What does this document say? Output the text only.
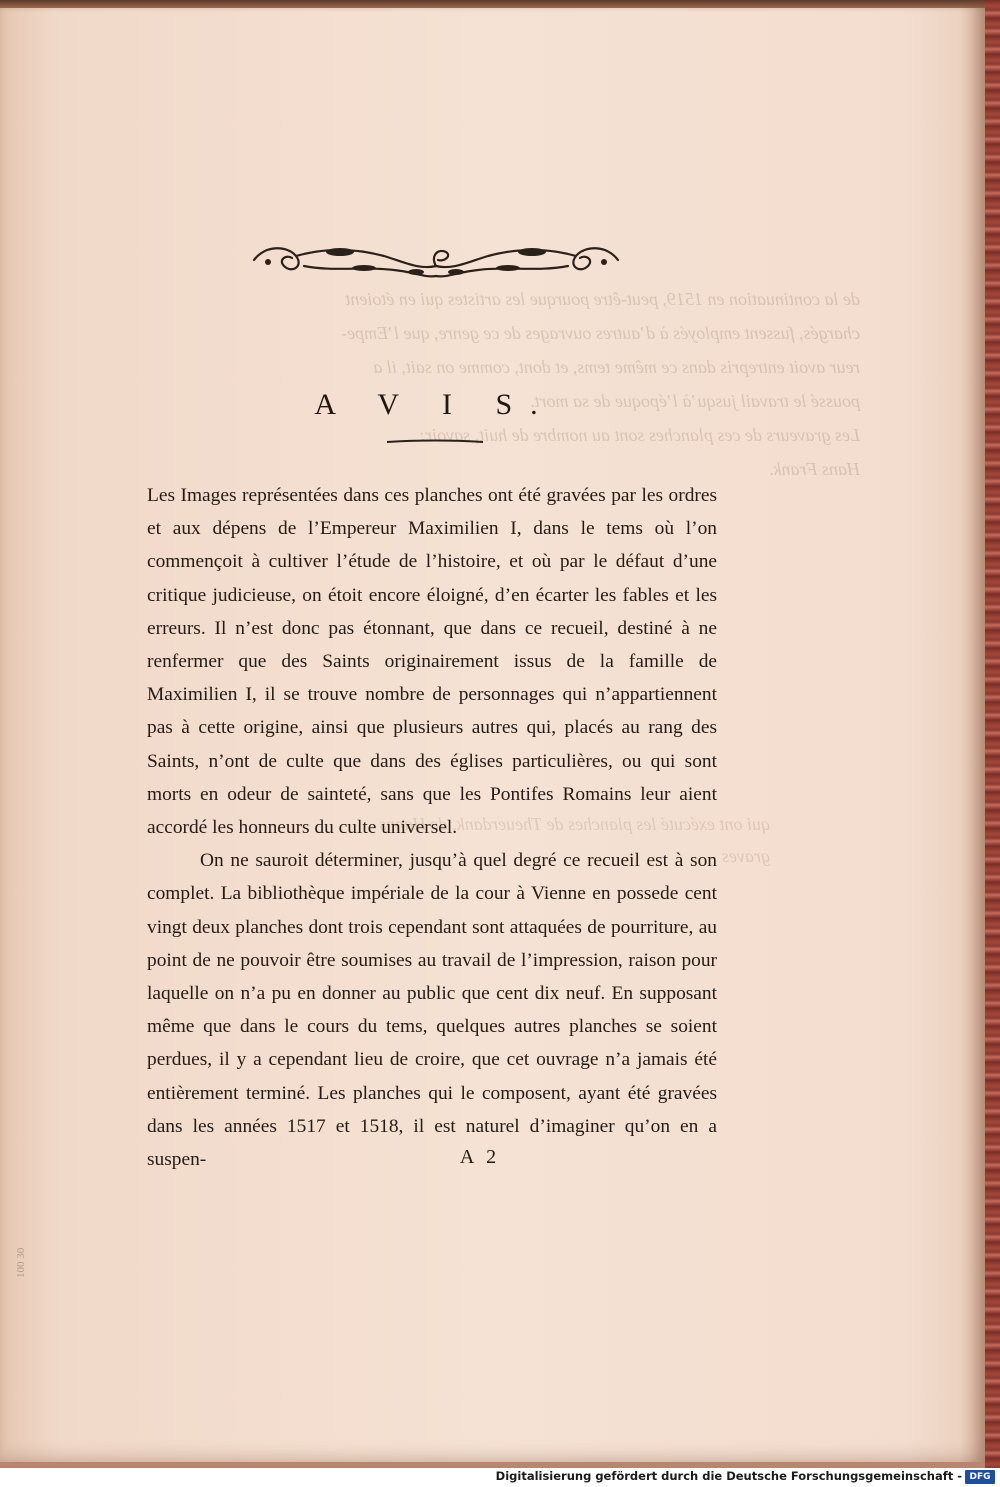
de la continuation en 1519, peut-être pourque les artistes qui en étoient
chargés, fussent employés à d’autres ouvrages de ce genre, que l’Empe-
reur avoit entrepris dans ce même tems, et dont, comme on sait, il a
poussé le travail jusqu’à l’époque de sa mort.
Les graveurs de ces planches sont au nombre de huit, savoir:
Hans Frank.
qui ont exécuté les planches de Theuerdank, de Hanns
graves
A V I S.

Les Images représentées dans ces planches ont été gravées par les ordres et aux dépens de l’Empereur Maximilien I, dans le tems où l’on commençoit à cultiver l’étude de l’histoire, et où par le défaut d’une critique judicieuse, on étoit encore éloigné, d’en écarter les fables et les erreurs. Il n’est donc pas étonnant, que dans ce recueil, destiné à ne renfermer que des Saints originairement issus de la famille de Maximilien I, il se trouve nombre de personnages qui n’appartiennent pas à cette origine, ainsi que plusieurs autres qui, placés au rang des Saints, n’ont de culte que dans des églises particulières, ou qui sont morts en odeur de sainteté, sans que les Pontifes Romains leur aient accordé les honneurs du culte universel.

On ne sauroit déterminer, jusqu’à quel degré ce recueil est à son complet. La bibliothèque impériale de la cour à Vienne en possede cent vingt deux planches dont trois cependant sont attaquées de pourriture, au point de ne pouvoir être soumises au travail de l’impression, raison pour laquelle on n’a pu en donner au public que cent dix neuf. En supposant même que dans le cours du tems, quelques autres planches se soient perdues, il y a cependant lieu de croire, que cet ouvrage n’a jamais été entièrement terminé. Les planches qui le composent, ayant été gravées dans les années 1517 et 1518, il est naturel d’imaginer qu’on en a suspen-	A 2
100 30
Digitalisierung gefördert durch die Deutsche Forschungsgemeinschaft - DFG
